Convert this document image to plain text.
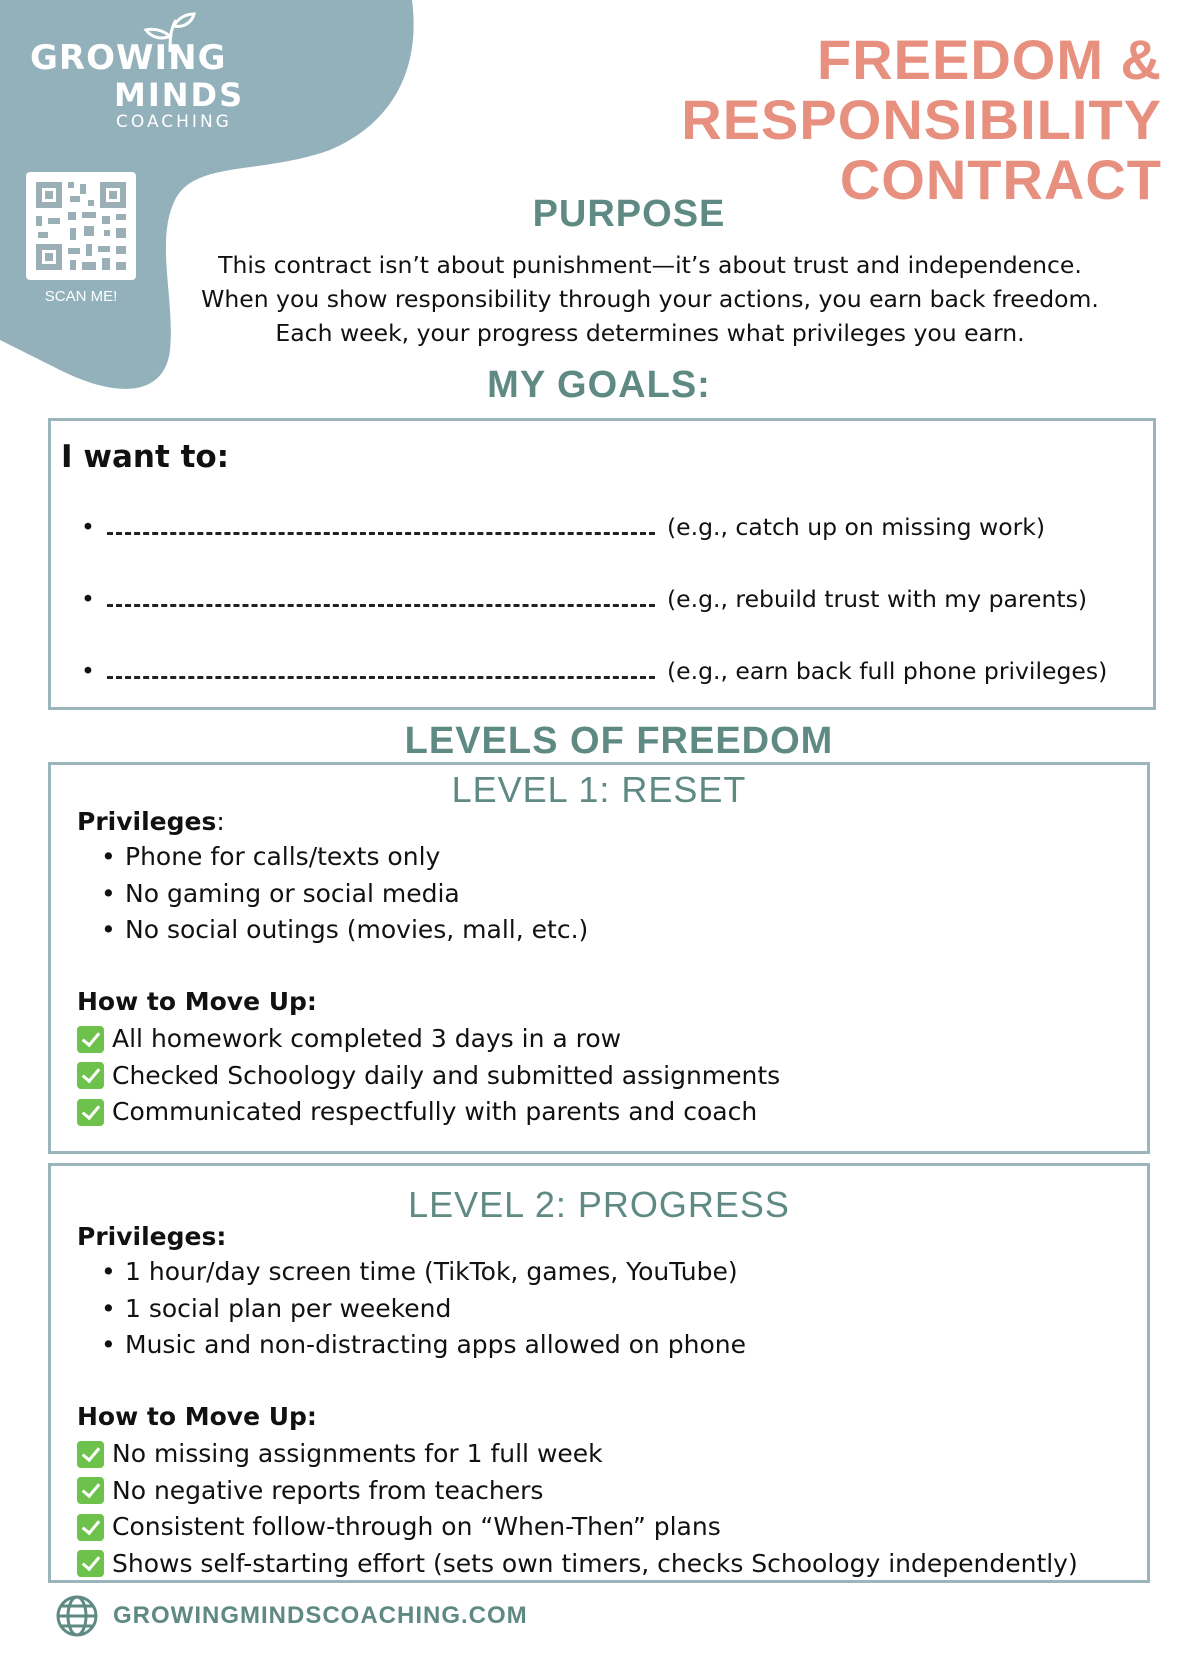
GROWING
MINDS
COACHING
SCAN ME!
FREEDOM &
RESPONSIBILITY
CONTRACT
PURPOSE
This contract isn’t about punishment—it’s about trust and independence.
When you show responsibility through your actions, you earn back freedom.
Each week, your progress determines what privileges you earn.
MY GOALS:
I want to:
•	(e.g., catch up on missing work)
•	(e.g., rebuild trust with my parents)
•	(e.g., earn back full phone privileges)
LEVELS OF FREEDOM
LEVEL 1: RESET
Privileges:
• Phone for calls/texts only
• No gaming or social media
• No social outings (movies, mall, etc.)
How to Move Up:
All homework completed 3 days in a row
Checked Schoology daily and submitted assignments
Communicated respectfully with parents and coach
LEVEL 2: PROGRESS
Privileges:
• 1 hour/day screen time (TikTok, games, YouTube)
• 1 social plan per weekend
• Music and non-distracting apps allowed on phone
How to Move Up:
No missing assignments for 1 full week
No negative reports from teachers
Consistent follow-through on “When-Then” plans
Shows self-starting effort (sets own timers, checks Schoology independently)
GROWINGMINDSCOACHING.COM
